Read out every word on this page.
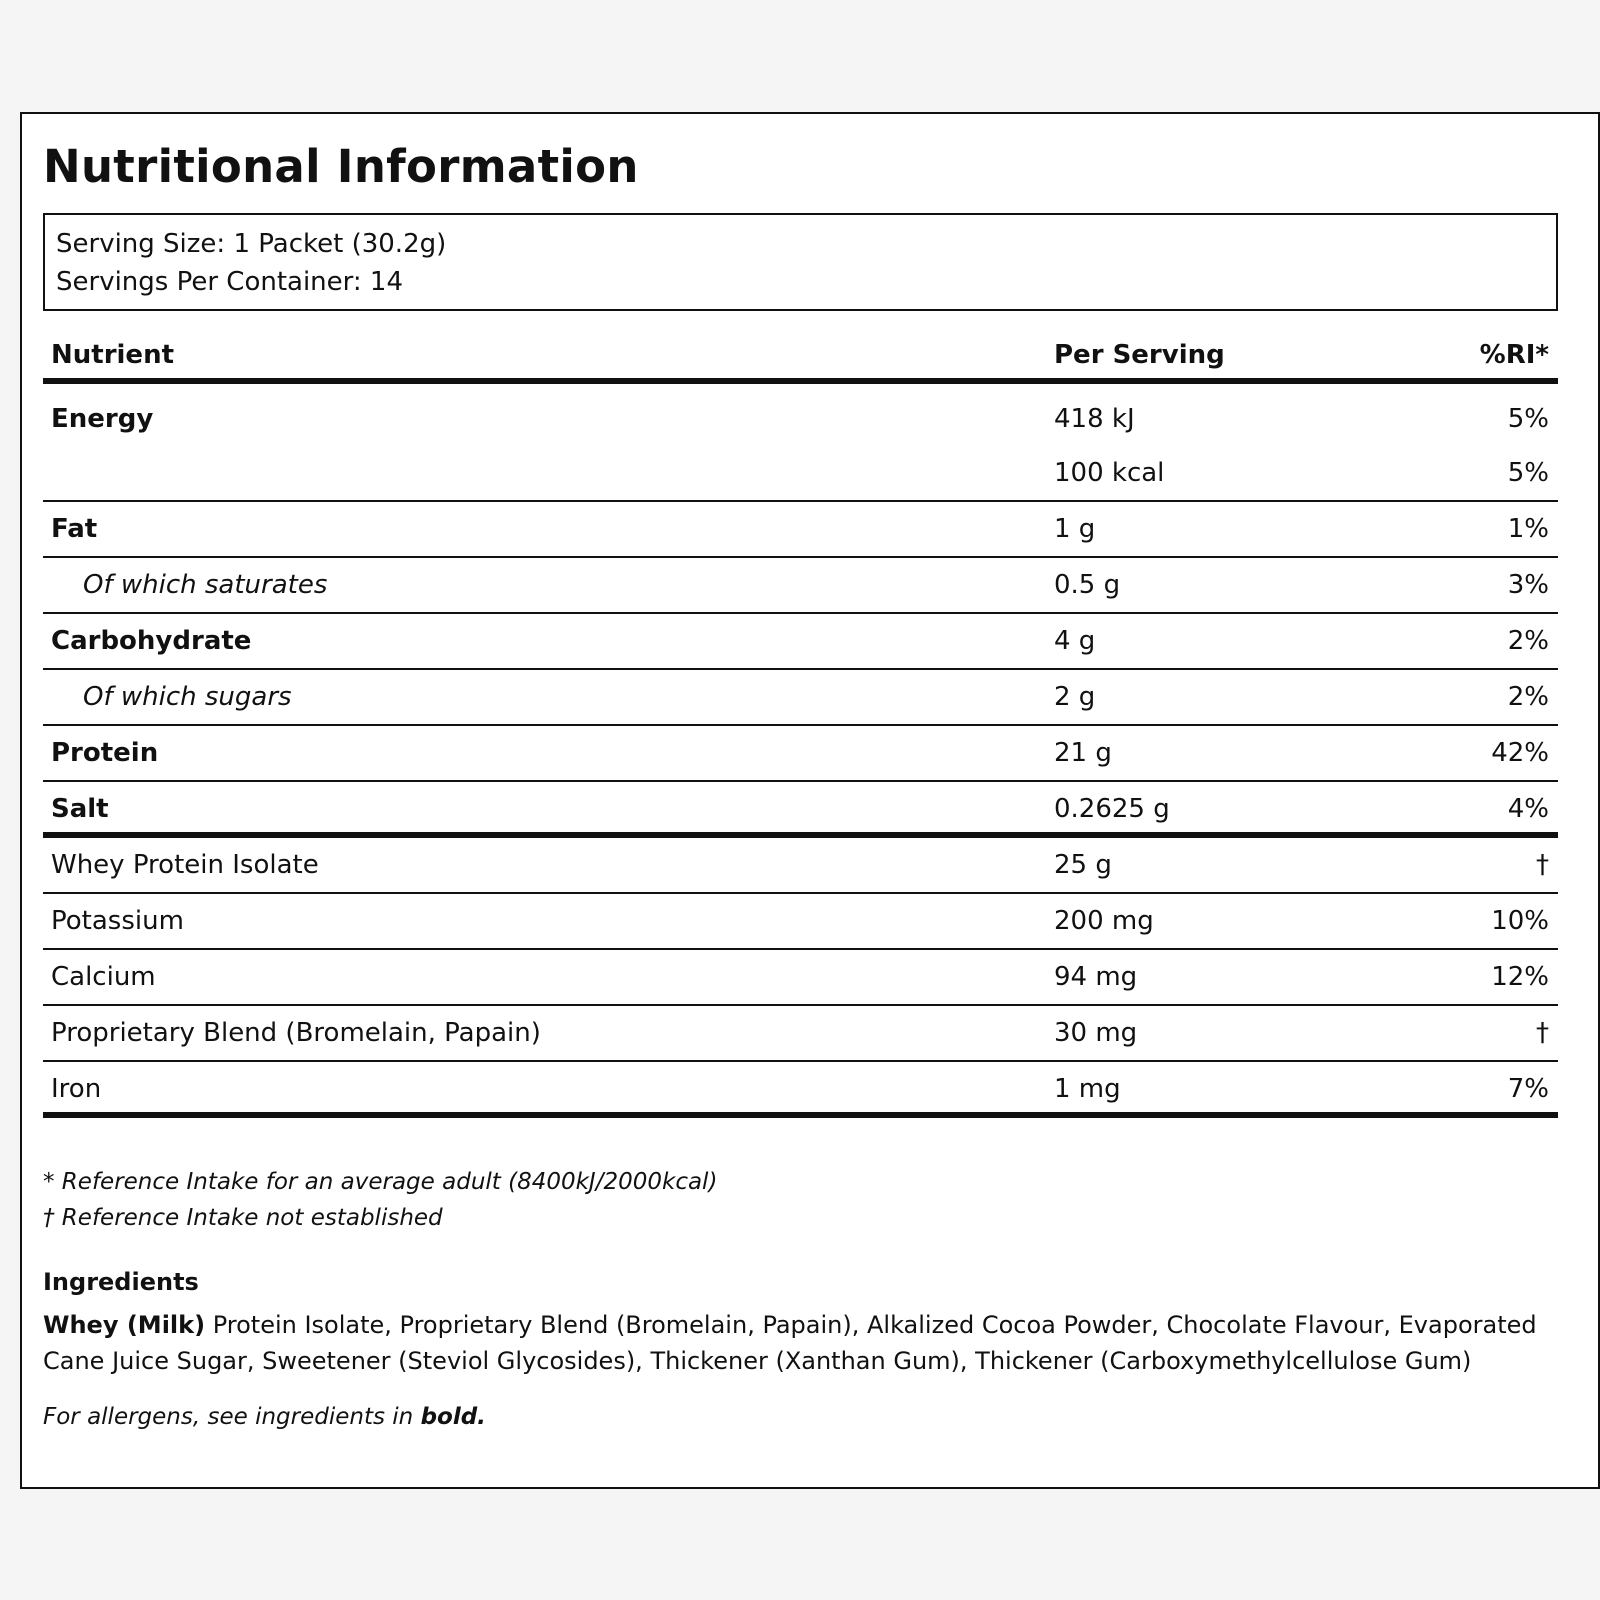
Nutritional Information
Serving Size: 1 Packet (30.2g)
Servings Per Container: 14
Nutrient	Per Serving	%RI*
Energy	418 kJ	5%
100 kcal	5%
Fat	1 g	1%
Of which saturates	0.5 g	3%
Carbohydrate	4 g	2%
Of which sugars	2 g	2%
Protein	21 g	42%
Salt	0.2625 g	4%
Whey Protein Isolate	25 g	†
Potassium	200 mg	10%
Calcium	94 mg	12%
Proprietary Blend (Bromelain, Papain)	30 mg	†
Iron	1 mg	7%
* Reference Intake for an average adult (8400kJ/2000kcal)
† Reference Intake not established
Ingredients
Whey (Milk) Protein Isolate, Proprietary Blend (Bromelain, Papain), Alkalized Cocoa Powder, Chocolate Flavour, Evaporated Cane Juice Sugar, Sweetener (Steviol Glycosides), Thickener (Xanthan Gum), Thickener (Carboxymethylcellulose Gum)
For allergens, see ingredients in bold.
